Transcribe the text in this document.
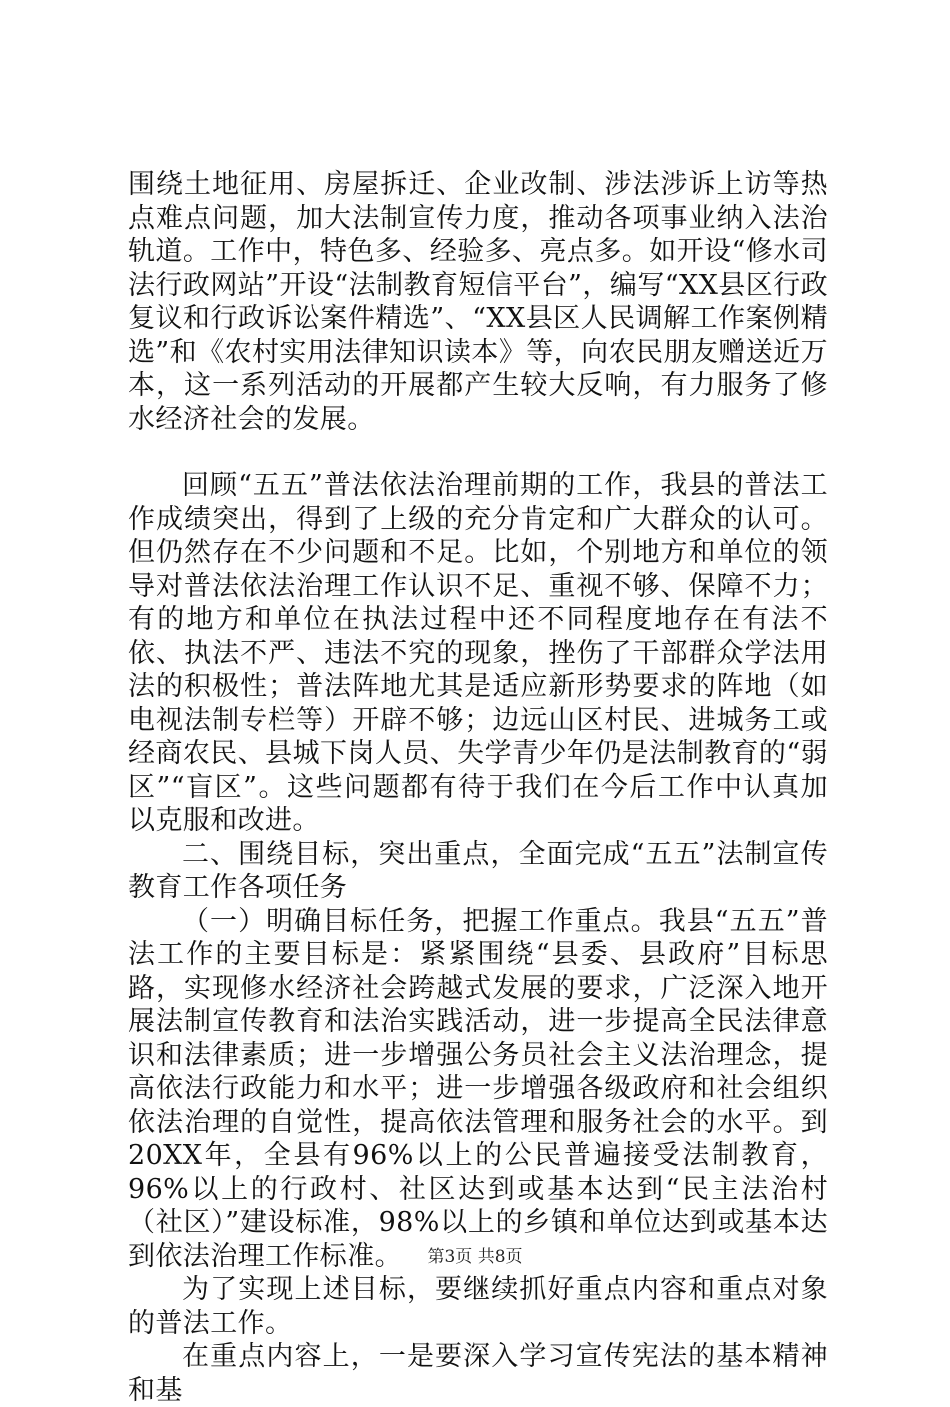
围绕土地征用、房屋拆迁、企业改制、涉法涉诉上访等热点难点问题，加大法制宣传力度，推动各项事业纳入法治轨道。工作中，特色多、经验多、亮点多。如开设“修水司法行政网站”开设“法制教育短信平台”，编写“XX县区行政复议和行政诉讼案件精选”、“XX县区人民调解工作案例精选”和《农村实用法律知识读本》等，向农民朋友赠送近万本，这一系列活动的开展都产生较大反响，有力服务了修水经济社会的发展。

回顾“五五”普法依法治理前期的工作，我县的普法工作成绩突出，得到了上级的充分肯定和广大群众的认可。但仍然存在不少问题和不足。比如，个别地方和单位的领导对普法依法治理工作认识不足、重视不够、保障不力；有的地方和单位在执法过程中还不同程度地存在有法不依、执法不严、违法不究的现象，挫伤了干部群众学法用法的积极性；普法阵地尤其是适应新形势要求的阵地（如电视法制专栏等）开辟不够；边远山区村民、进城务工或经商农民、县城下岗人员、失学青少年仍是法制教育的“弱区”“盲区”。这些问题都有待于我们在今后工作中认真加以克服和改进。

二、围绕目标，突出重点，全面完成“五五”法制宣传教育工作各项任务

（一）明确目标任务，把握工作重点。我县“五五”普法工作的主要目标是：紧紧围绕“县委、县政府”目标思路，实现修水经济社会跨越式发展的要求，广泛深入地开展法制宣传教育和法治实践活动，进一步提高全民法律意识和法律素质；进一步增强公务员社会主义法治理念，提高依法行政能力和水平；进一步增强各级政府和社会组织依法治理的自觉性，提高依法管理和服务社会的水平。到20XX年，全县有96%以上的公民普遍接受法制教育，96%以上的行政村、社区达到或基本达到“民主法治村（社区）”建设标准，98%以上的乡镇和单位达到或基本达到依法治理工作标准。

为了实现上述目标，要继续抓好重点内容和重点对象的普法工作。

在重点内容上，一是要深入学习宣传宪法的基本精神和基

第3页 共8页
